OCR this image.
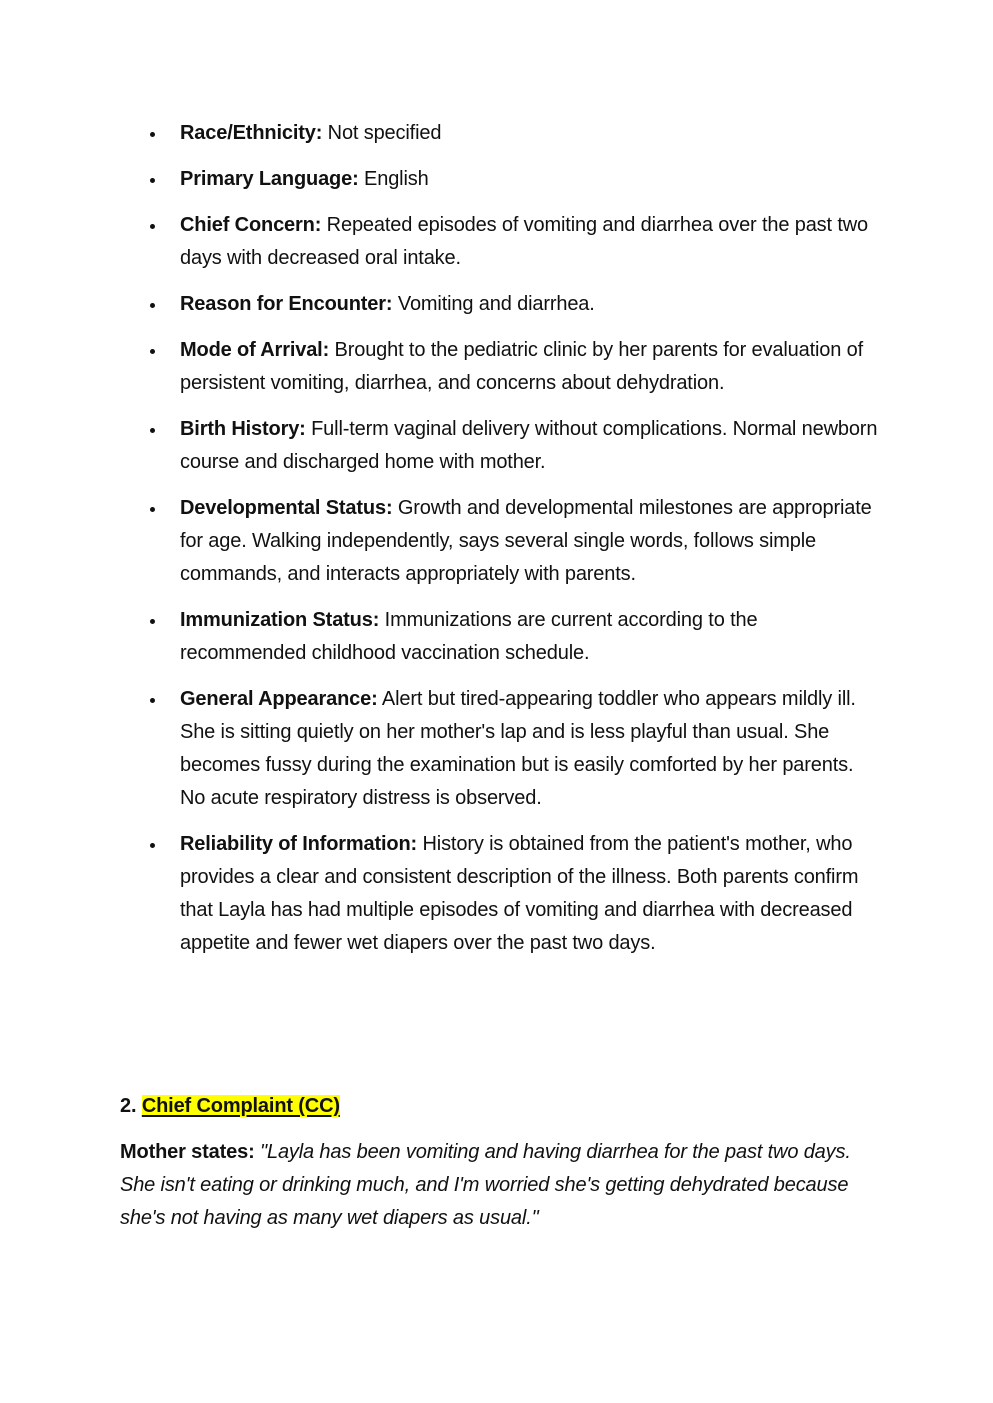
Race/Ethnicity: Not specified
Primary Language: English
Chief Concern: Repeated episodes of vomiting and diarrhea over the past two days with decreased oral intake.
Reason for Encounter: Vomiting and diarrhea.
Mode of Arrival: Brought to the pediatric clinic by her parents for evaluation of persistent vomiting, diarrhea, and concerns about dehydration.
Birth History: Full-term vaginal delivery without complications. Normal newborn course and discharged home with mother.
Developmental Status: Growth and developmental milestones are appropriate for age. Walking independently, says several single words, follows simple commands, and interacts appropriately with parents.
Immunization Status: Immunizations are current according to the recommended childhood vaccination schedule.
General Appearance: Alert but tired-appearing toddler who appears mildly ill. She is sitting quietly on her mother's lap and is less playful than usual. She becomes fussy during the examination but is easily comforted by her parents. No acute respiratory distress is observed.
Reliability of Information: History is obtained from the patient's mother, who provides a clear and consistent description of the illness. Both parents confirm that Layla has had multiple episodes of vomiting and diarrhea with decreased appetite and fewer wet diapers over the past two days.
2. Chief Complaint (CC)

Mother states: "Layla has been vomiting and having diarrhea for the past two days. She isn't eating or drinking much, and I'm worried she's getting dehydrated because she's not having as many wet diapers as usual."
